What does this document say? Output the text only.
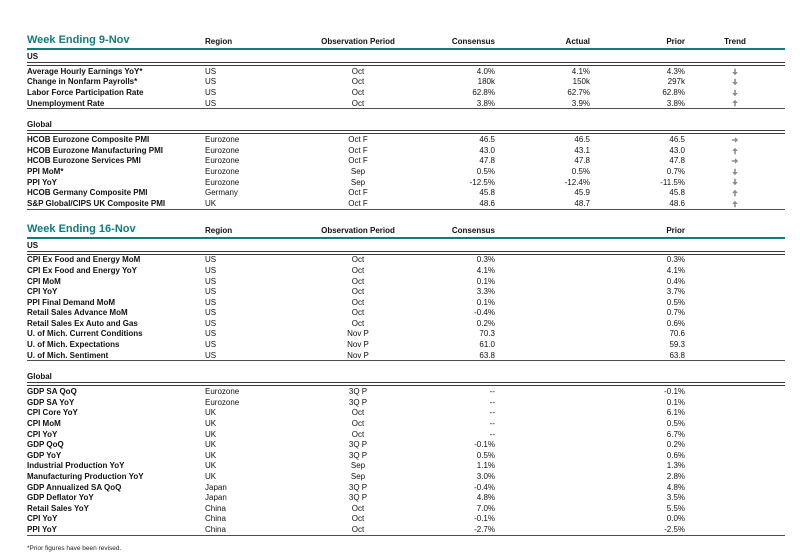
Week Ending 9-Nov	Region	Observation Period	Consensus	Actual	Prior	Trend
US						
Average Hourly Earnings YoY*	US	Oct	4.0%	4.1%	4.3%	
Change in Nonfarm Payrolls*	US	Oct	180k	150k	297k	
Labor Force Participation Rate	US	Oct	62.8%	62.7%	62.8%	
Unemployment Rate	US	Oct	3.8%	3.9%	3.8%	

Global						
HCOB Eurozone Composite PMI	Eurozone	Oct F	46.5	46.5	46.5	
HCOB Eurozone Manufacturing PMI	Eurozone	Oct F	43.0	43.1	43.0	
HCOB Eurozone Services PMI	Eurozone	Oct F	47.8	47.8	47.8	
PPI MoM*	Eurozone	Sep	0.5%	0.5%	0.7%	
PPI YoY	Eurozone	Sep	-12.5%	-12.4%	-11.5%	
HCOB Germany Composite PMI	Germany	Oct F	45.8	45.9	45.8	
S&P Global/CIPS UK Composite PMI	UK	Oct F	48.6	48.7	48.6	
Week Ending 16-Nov	Region	Observation Period	Consensus	Prior	
US					
CPI Ex Food and Energy MoM	US	Oct	0.3%	0.3%	
CPI Ex Food and Energy YoY	US	Oct	4.1%	4.1%	
CPI MoM	US	Oct	0.1%	0.4%	
CPI YoY	US	Oct	3.3%	3.7%	
PPI Final Demand MoM	US	Oct	0.1%	0.5%	
Retail Sales Advance MoM	US	Oct	-0.4%	0.7%	
Retail Sales Ex Auto and Gas	US	Oct	0.2%	0.6%	
U. of Mich. Current Conditions	US	Nov P	70.3	70.6	
U. of Mich. Expectations	US	Nov P	61.0	59.3	
U. of Mich. Sentiment	US	Nov P	63.8	63.8	

Global					
GDP SA QoQ	Eurozone	3Q P	--	-0.1%	
GDP SA YoY	Eurozone	3Q P	--	0.1%	
CPI Core YoY	UK	Oct	--	6.1%	
CPI MoM	UK	Oct	--	0.5%	
CPI YoY	UK	Oct	--	6.7%	
GDP QoQ	UK	3Q P	-0.1%	0.2%	
GDP YoY	UK	3Q P	0.5%	0.6%	
Industrial Production YoY	UK	Sep	1.1%	1.3%	
Manufacturing Production YoY	UK	Sep	3.0%	2.8%	
GDP Annualized SA QoQ	Japan	3Q P	-0.4%	4.8%	
GDP Deflator YoY	Japan	3Q P	4.8%	3.5%	
Retail Sales YoY	China	Oct	7.0%	5.5%	
CPI YoY	China	Oct	-0.1%	0.0%	
PPI YoY	China	Oct	-2.7%	-2.5%	
*Prior figures have been revised.
